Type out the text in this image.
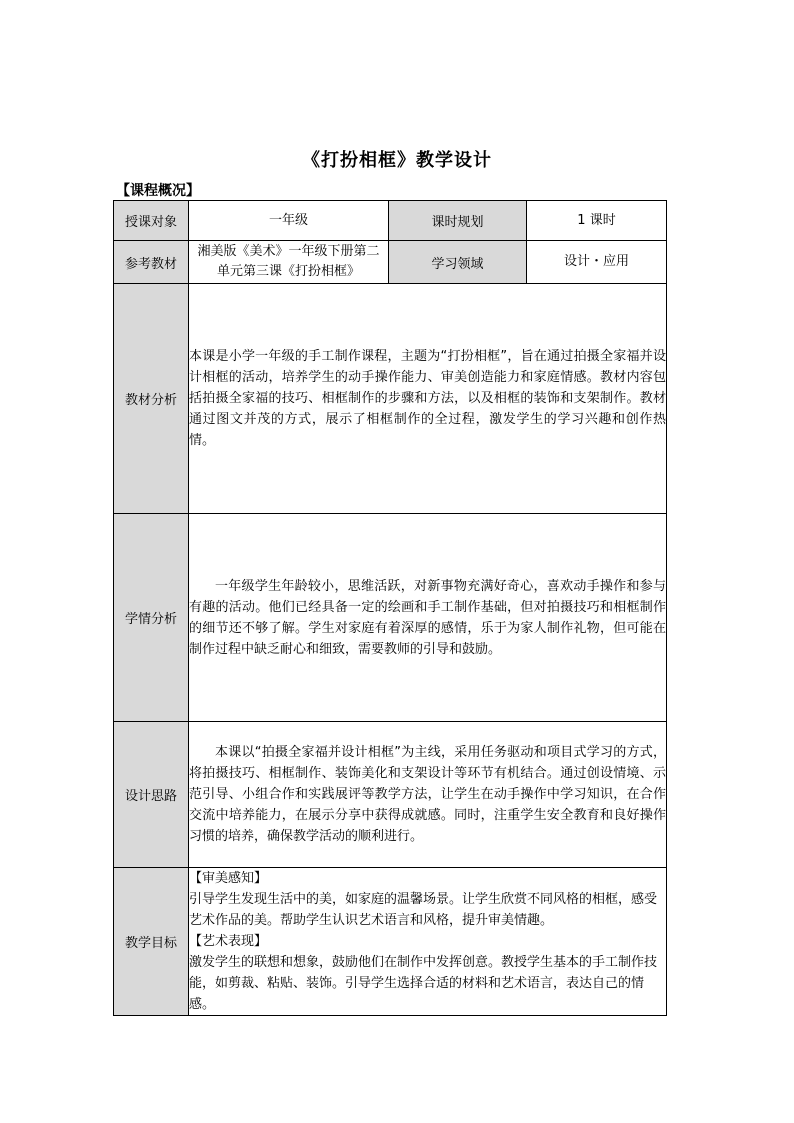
《打扮相框》教学设计
【课程概况】
授课对象	一年级	课时规划	1 课时
参考教材	湘美版《美术》一年级下册第二单元第三课《打扮相框》	学习领域	设计・应用
教材分析	本课是小学一年级的手工制作课程，主题为“打扮相框”，旨在通过拍摄全家福并设计相框的活动，培养学生的动手操作能力、审美创造能力和家庭情感。教材内容包括拍摄全家福的技巧、相框制作的步骤和方法，以及相框的装饰和支架制作。教材通过图文并茂的方式，展示了相框制作的全过程，激发学生的学习兴趣和创作热情。		
学情分析	一年级学生年龄较小，思维活跃，对新事物充满好奇心，喜欢动手操作和参与有趣的活动。他们已经具备一定的绘画和手工制作基础，但对拍摄技巧和相框制作的细节还不够了解。学生对家庭有着深厚的感情，乐于为家人制作礼物，但可能在制作过程中缺乏耐心和细致，需要教师的引导和鼓励。		
设计思路	本课以“拍摄全家福并设计相框”为主线，采用任务驱动和项目式学习的方式，将拍摄技巧、相框制作、装饰美化和支架设计等环节有机结合。通过创设情境、示范引导、小组合作和实践展评等教学方法，让学生在动手操作中学习知识，在合作交流中培养能力，在展示分享中获得成就感。同时，注重学生安全教育和良好操作习惯的培养，确保教学活动的顺利进行。		
教学目标	【审美感知】
引导学生发现生活中的美，如家庭的温馨场景。让学生欣赏不同风格的相框，感受艺术作品的美。帮助学生认识艺术语言和风格，提升审美情趣。
【艺术表现】
激发学生的联想和想象，鼓励他们在制作中发挥创意。教授学生基本的手工制作技能，如剪裁、粘贴、装饰。引导学生选择合适的材料和艺术语言，表达自己的情感。		
